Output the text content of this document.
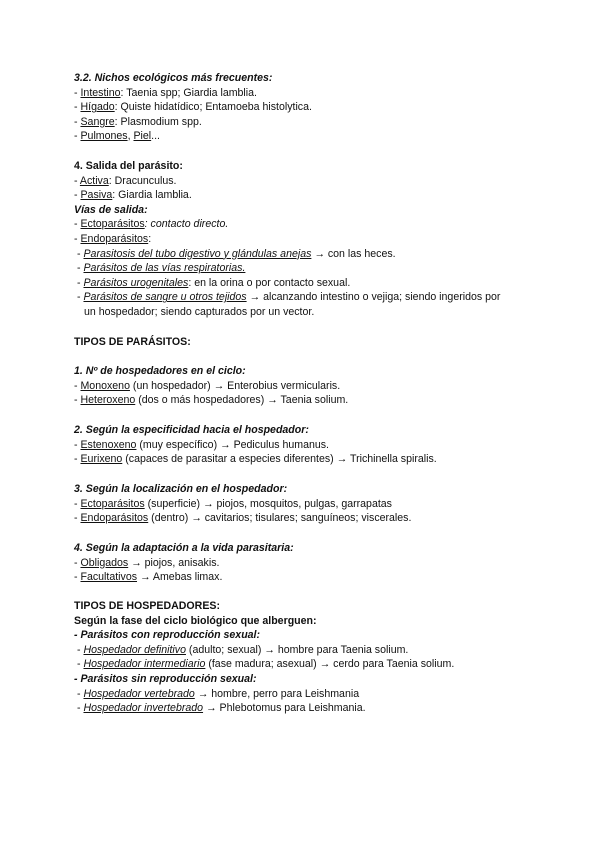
3.2. Nichos ecológicos más frecuentes:
- Intestino: Taenia spp; Giardia lamblia.
- Hígado: Quiste hidatídico; Entamoeba histolytica.
- Sangre: Plasmodium spp.
- Pulmones, Piel...
4. Salida del parásito:
- Activa: Dracunculus.
- Pasiva: Giardia lamblia.
Vías de salida:
- Ectoparásitos: contacto directo.
- Endoparásitos:
- Parasitosis del tubo digestivo y glándulas anejas → con las heces.
- Parásitos de las vías respiratorias.
- Parásitos urogenitales: en la orina o por contacto sexual.
- Parásitos de sangre u otros tejidos → alcanzando intestino o vejiga; siendo ingeridos por
un hospedador; siendo capturados por un vector.
TIPOS DE PARÁSITOS:
1. Nº de hospedadores en el ciclo:
- Monoxeno (un hospedador) → Enterobius vermicularis.
- Heteroxeno (dos o más hospedadores) → Taenia solium.
2. Según la especificidad hacia el hospedador:
- Estenoxeno (muy específico) → Pediculus humanus.
- Eurixeno (capaces de parasitar a especies diferentes) → Trichinella spiralis.
3. Según la localización en el hospedador:
- Ectoparásitos (superficie) → piojos, mosquitos, pulgas, garrapatas
- Endoparásitos (dentro) → cavitarios; tisulares; sanguíneos; viscerales.
4. Según la adaptación a la vida parasitaria:
- Obligados → piojos, anisakis.
- Facultativos → Amebas limax.
TIPOS DE HOSPEDADORES:
Según la fase del ciclo biológico que alberguen:
- Parásitos con reproducción sexual:
- Hospedador definitivo (adulto; sexual) → hombre para Taenia solium.
- Hospedador intermediario (fase madura; asexual) → cerdo para Taenia solium.
- Parásitos sin reproducción sexual:
- Hospedador vertebrado → hombre, perro para Leishmania
- Hospedador invertebrado → Phlebotomus para Leishmania.
